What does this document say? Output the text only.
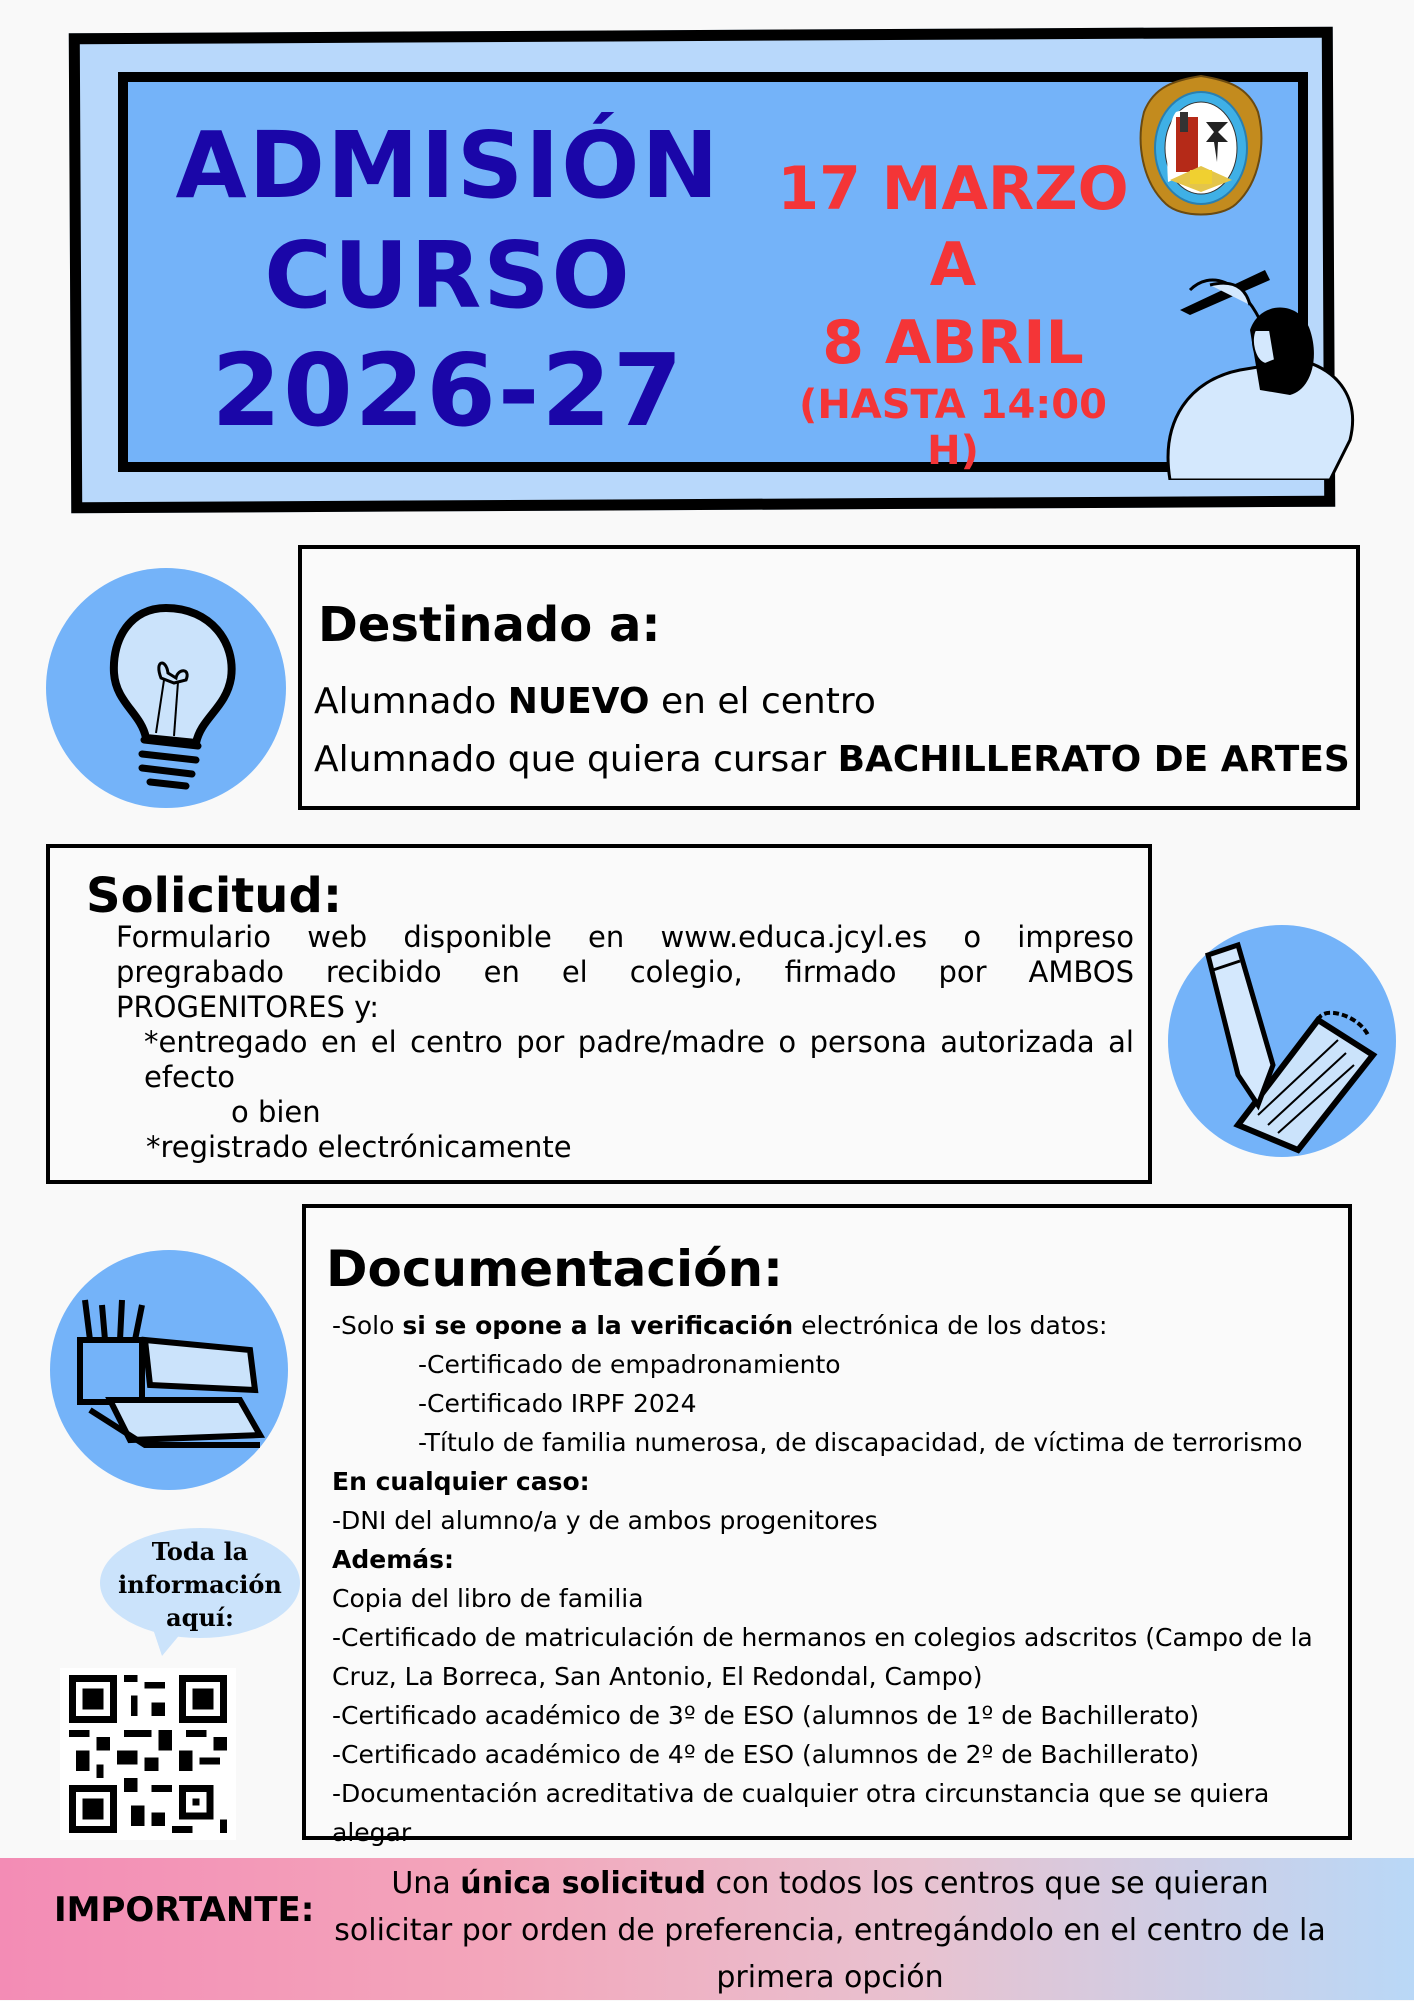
ADMISIÓN
CURSO
2026-27
17 MARZO
A
8 ABRIL
(HASTA 14:00 H)
Destinado a:
Alumnado NUEVO en el centro
Alumnado que quiera cursar BACHILLERATO DE ARTES
Solicitud:
Formulario web disponible en www.educa.jcyl.es o impreso pregrabado recibido en el colegio, firmado por AMBOS PROGENITORES y:
*entregado en el centro por padre/madre o persona autorizada al efecto
o bien
*registrado electrónicamente
Documentación:
-Solo si se opone a la verificación electrónica de los datos:
-Certificado de empadronamiento
-Certificado IRPF 2024
-Título de familia numerosa, de discapacidad, de víctima de terrorismo
En cualquier caso:
-DNI del alumno/a y de ambos progenitores
Además:
Copia del libro de familia
-Certificado de matriculación de hermanos en colegios adscritos (Campo de la Cruz, La Borreca, San Antonio, El Redondal, Campo)
-Certificado académico de 3º de ESO (alumnos de 1º de Bachillerato)
-Certificado académico de 4º de ESO (alumnos de 2º de Bachillerato)
-Documentación acreditativa de cualquier otra circunstancia que se quiera alegar
Toda la
información
aquí:
IMPORTANTE:
Una única solicitud con todos los centros que se quieran solicitar por orden de preferencia, entregándolo en el centro de la primera opción
